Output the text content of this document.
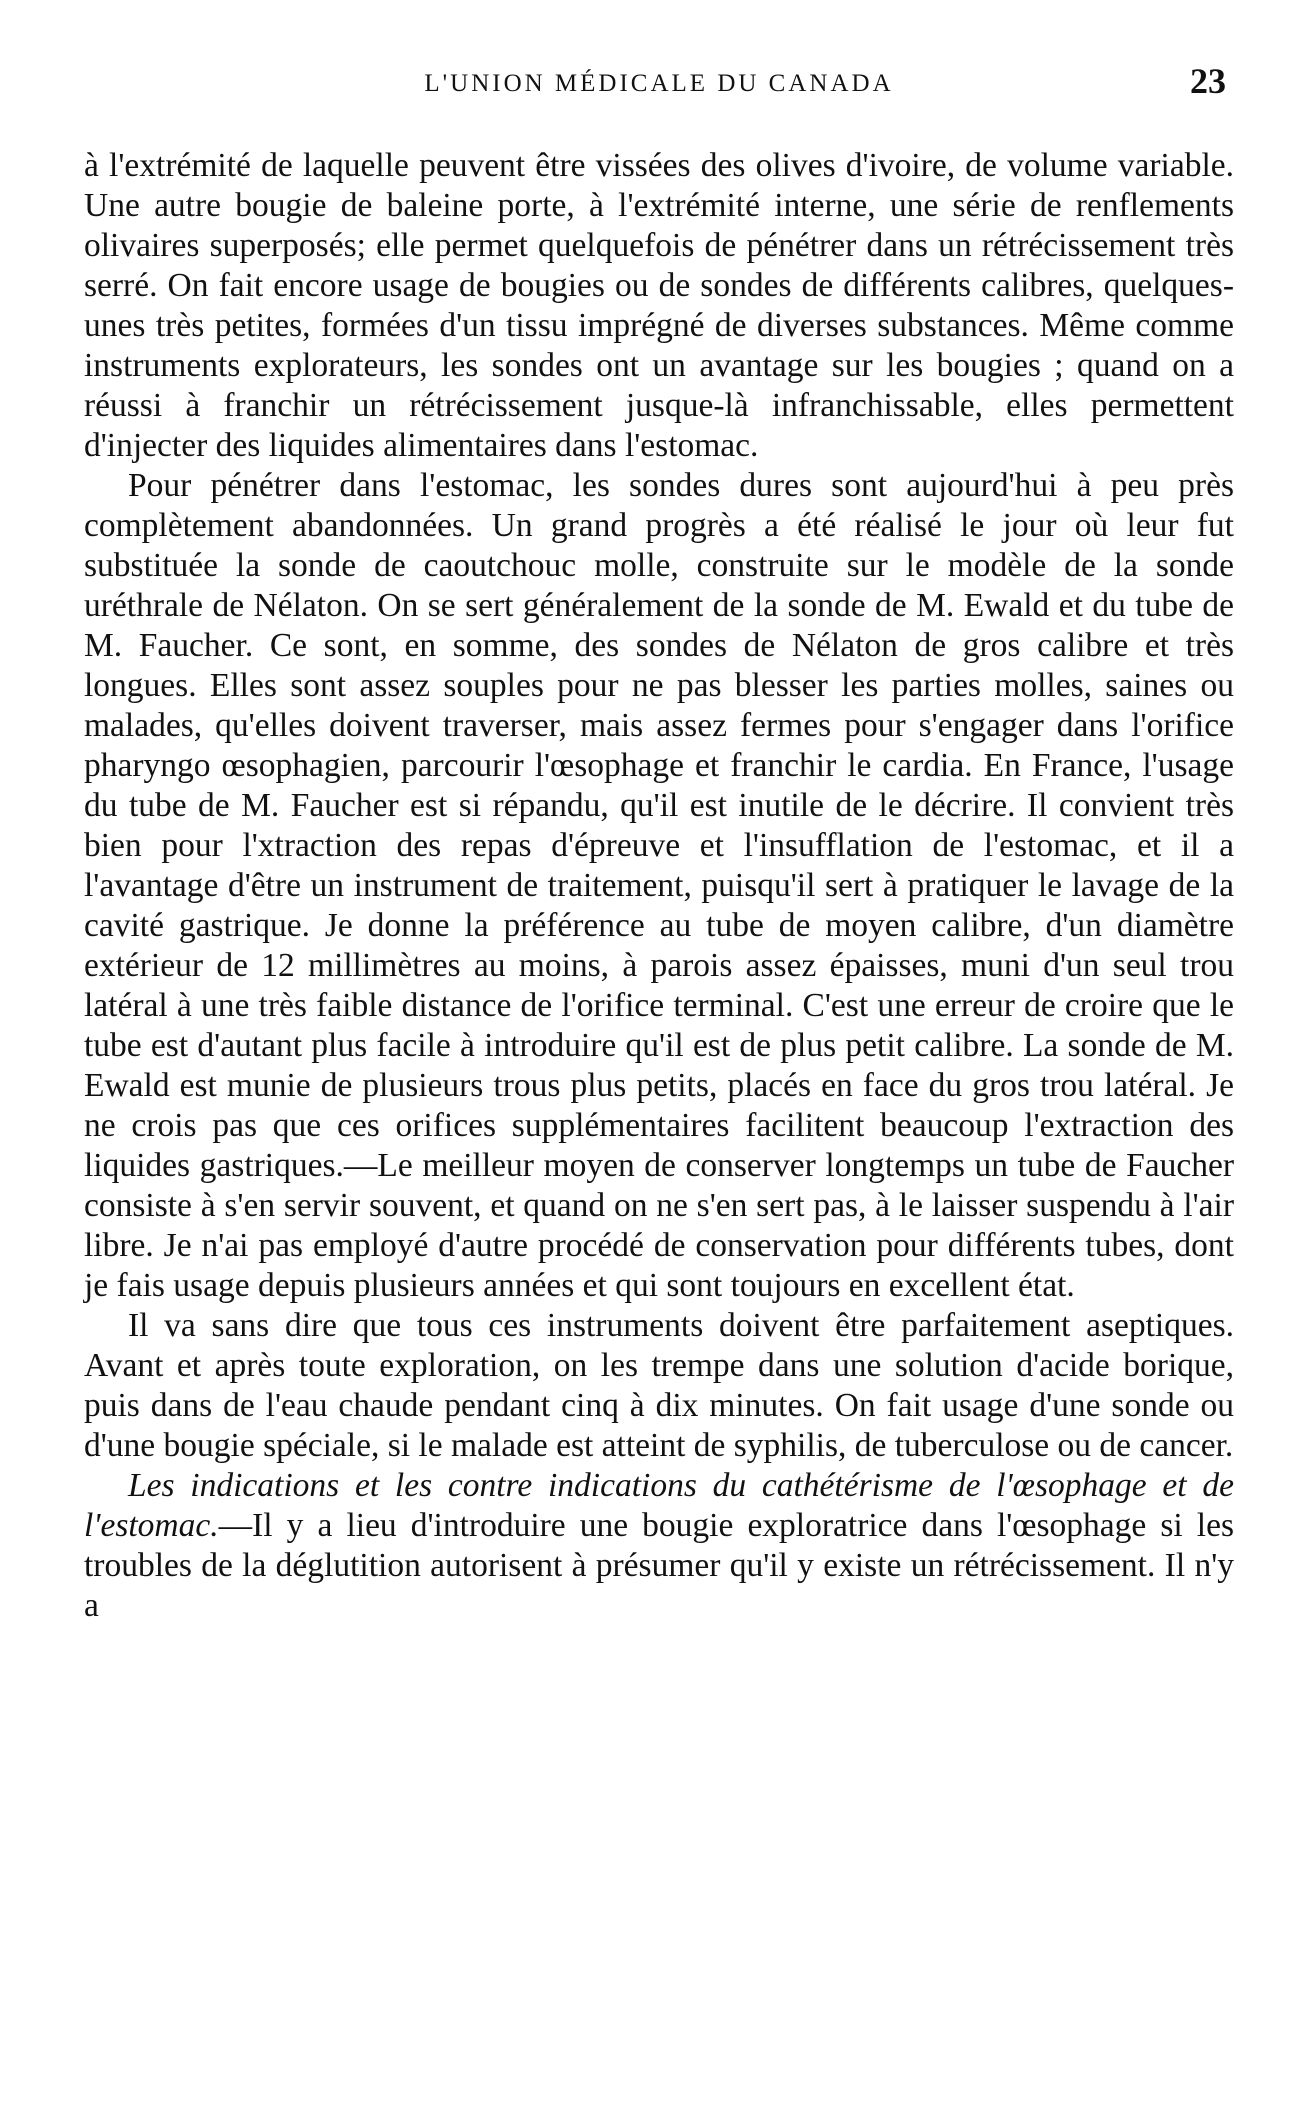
L'UNION MÉDICALE DU CANADA	23

à l'extrémité de laquelle peuvent être vissées des olives d'ivoire, de volume variable. Une autre bougie de baleine porte, à l'extrémité interne, une série de renflements olivaires superposés; elle permet quelquefois de pénétrer dans un rétrécissement très serré. On fait encore usage de bougies ou de sondes de différents calibres, quelques-unes très petites, formées d'un tissu imprégné de diverses substances. Même comme instruments explorateurs, les sondes ont un avantage sur les bougies ; quand on a réussi à franchir un rétrécissement jusque-là infranchissable, elles permettent d'injecter des liquides alimentaires dans l'estomac.

Pour pénétrer dans l'estomac, les sondes dures sont aujourd'hui à peu près complètement abandonnées. Un grand progrès a été réalisé le jour où leur fut substituée la sonde de caoutchouc molle, construite sur le modèle de la sonde uréthrale de Nélaton. On se sert généralement de la sonde de M. Ewald et du tube de M. Faucher. Ce sont, en somme, des sondes de Nélaton de gros calibre et très longues. Elles sont assez souples pour ne pas blesser les parties molles, saines ou malades, qu'elles doivent traverser, mais assez fermes pour s'engager dans l'orifice pharyngo œsophagien, parcourir l'œsophage et franchir le cardia. En France, l'usage du tube de M. Faucher est si répandu, qu'il est inutile de le décrire. Il convient très bien pour l'xtraction des repas d'épreuve et l'insufflation de l'estomac, et il a l'avantage d'être un instrument de traitement, puisqu'il sert à pratiquer le lavage de la cavité gastrique. Je donne la préférence au tube de moyen calibre, d'un diamètre extérieur de 12 millimètres au moins, à parois assez épaisses, muni d'un seul trou latéral à une très faible distance de l'orifice terminal. C'est une erreur de croire que le tube est d'autant plus facile à introduire qu'il est de plus petit calibre. La sonde de M. Ewald est munie de plusieurs trous plus petits, placés en face du gros trou latéral. Je ne crois pas que ces orifices supplémentaires facilitent beaucoup l'extraction des liquides gastriques.—Le meilleur moyen de conserver longtemps un tube de Faucher consiste à s'en servir souvent, et quand on ne s'en sert pas, à le laisser suspendu à l'air libre. Je n'ai pas employé d'autre procédé de conservation pour différents tubes, dont je fais usage depuis plusieurs années et qui sont toujours en excellent état.

Il va sans dire que tous ces instruments doivent être parfaitement aseptiques. Avant et après toute exploration, on les trempe dans une solution d'acide borique, puis dans de l'eau chaude pendant cinq à dix minutes. On fait usage d'une sonde ou d'une bougie spéciale, si le malade est atteint de syphilis, de tuberculose ou de cancer.

Les indications et les contre indications du cathétérisme de l'œsophage et de l'estomac.—Il y a lieu d'introduire une bougie exploratrice dans l'œsophage si les troubles de la déglutition autorisent à présumer qu'il y existe un rétrécissement. Il n'y a
